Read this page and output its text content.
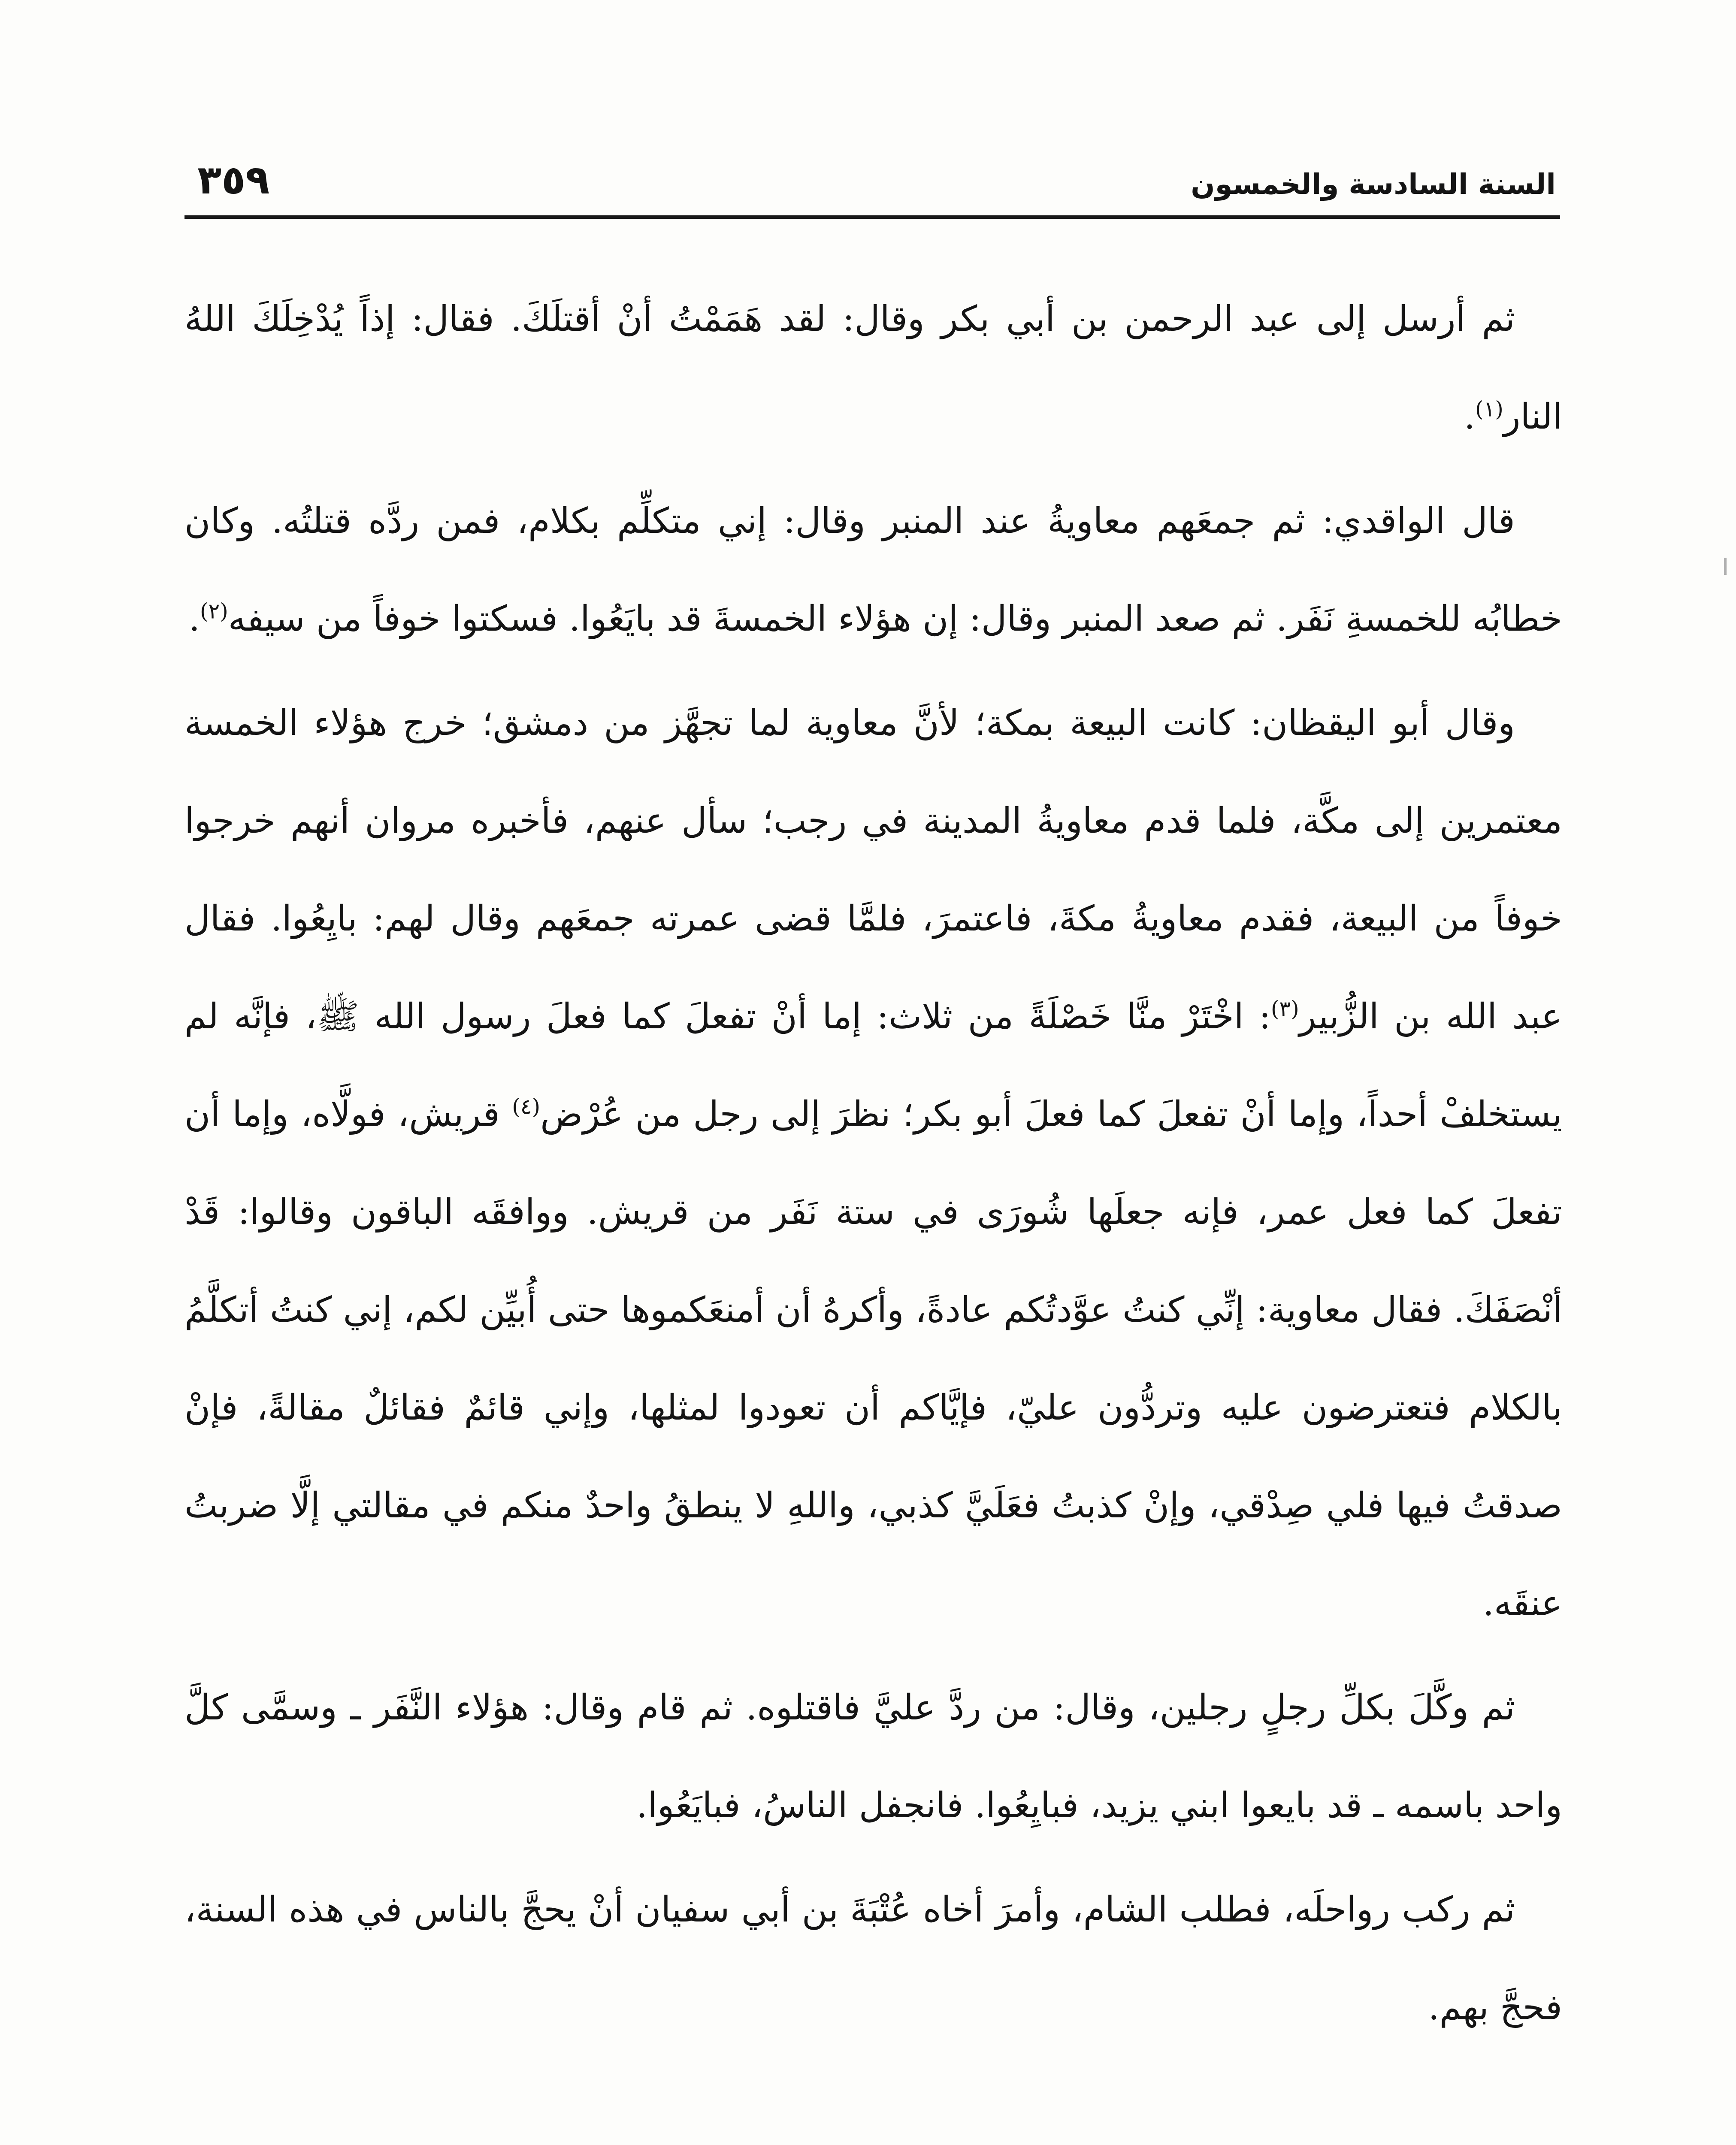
السنة السادسة والخمسون
٣٥٩

ثم أرسل إلى عبد الرحمن بن أبي بكر وقال: لقد هَمَمْتُ أنْ أقتلَكَ. فقال: إذاً يُدْخِلَكَ اللهُ النار$^{(١)}$.

قال الواقدي: ثم جمعَهم معاويةُ عند المنبر وقال: إني متكلِّم بكلام، فمن ردَّه قتلتُه. وكان خطابُه للخمسةِ نَفَر. ثم صعد المنبر وقال: إن هؤلاء الخمسةَ قد بايَعُوا. فسكتوا خوفاً من سيفه$^{(٢)}$.

وقال أبو اليقظان: كانت البيعة بمكة؛ لأنَّ معاوية لما تجهَّز من دمشق؛ خرج هؤلاء الخمسة معتمرين إلى مكَّة، فلما قدم معاويةُ المدينة في رجب؛ سأل عنهم، فأخبره مروان أنهم خرجوا خوفاً من البيعة، فقدم معاويةُ مكةَ، فاعتمرَ، فلمَّا قضى عمرته جمعَهم وقال لهم: بايِعُوا. فقال عبد الله بن الزُّبير$^{(٣)}$: اخْتَرْ منَّا خَصْلَةً من ثلاث: إما أنْ تفعلَ كما فعلَ رسول الله ﷺ، فإنَّه لم يستخلفْ أحداً، وإما أنْ تفعلَ كما فعلَ أبو بكر؛ نظرَ إلى رجل من عُرْض$^{(٤)}$ قريش، فولَّاه، وإما أن تفعلَ كما فعل عمر، فإنه جعلَها شُورَى في ستة نَفَر من قريش. ووافقَه الباقون وقالوا: قَدْ أنْصَفَكَ. فقال معاوية: إنِّي كنتُ عوَّدتُكم عادةً، وأكرهُ أن أمنعَكموها حتى أُبيِّن لكم، إني كنتُ أتكلَّمُ بالكلام فتعترضون عليه وتردُّون عليّ، فإيَّاكم أن تعودوا لمثلها، وإني قائمٌ فقائلٌ مقالةً، فإنْ صدقتُ فيها فلي صِدْقي، وإنْ كذبتُ فعَلَيَّ كذبي، واللهِ لا ينطقُ واحدٌ منكم في مقالتي إلَّا ضربتُ عنقَه.

ثم وكَّلَ بكلِّ رجلٍ رجلين، وقال: من ردَّ عليَّ فاقتلوه. ثم قام وقال: هؤلاء النَّفَر ـ وسمَّى كلَّ واحد باسمه ـ قد بايعوا ابني يزيد، فبايِعُوا. فانجفل الناسُ، فبايَعُوا.

ثم ركب رواحلَه، فطلب الشام، وأمرَ أخاه عُتْبَةَ بن أبي سفيان أنْ يحجَّ بالناس في هذه السنة، فحجَّ بهم.
